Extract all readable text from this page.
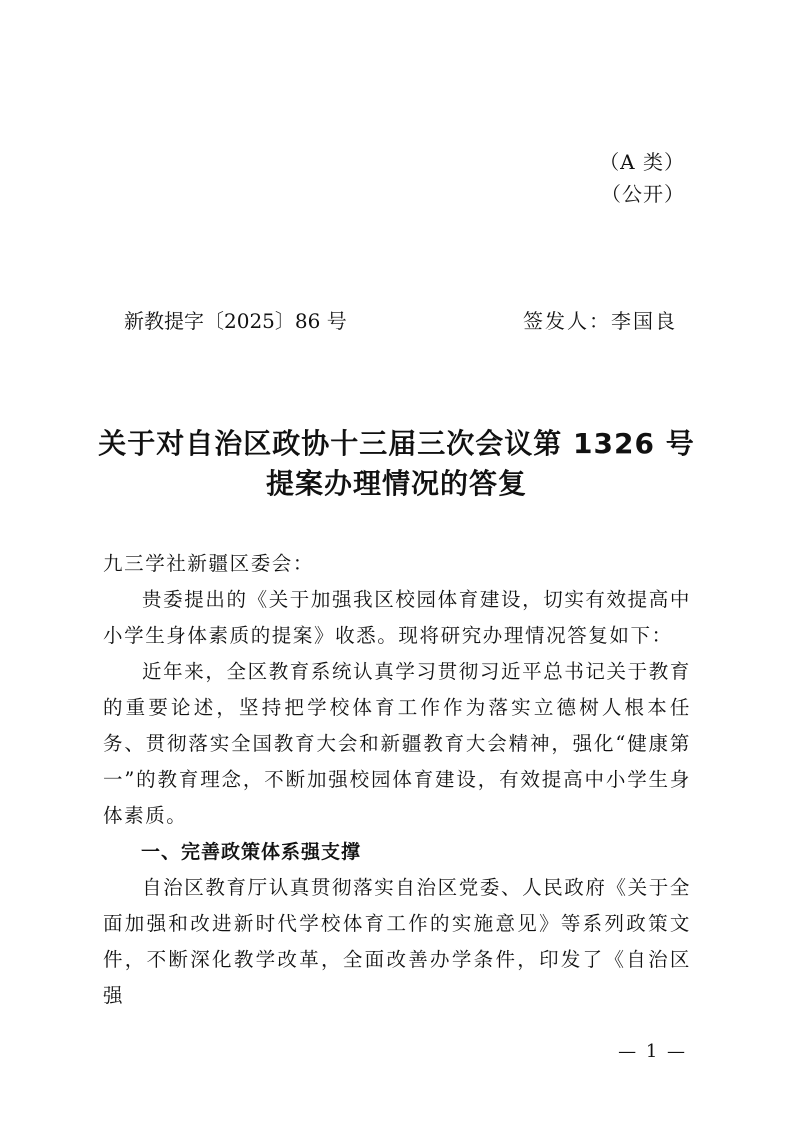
（A 类）
（公开）
新教提字〔2025〕86 号	签发人：李国良
关于对自治区政协十三届三次会议第 1326 号
提案办理情况的答复

九三学社新疆区委会：

贵委提出的《关于加强我区校园体育建设，切实有效提高中小学生身体素质的提案》收悉。现将研究办理情况答复如下：

近年来，全区教育系统认真学习贯彻习近平总书记关于教育的重要论述，坚持把学校体育工作作为落实立德树人根本任务、贯彻落实全国教育大会和新疆教育大会精神，强化“健康第一”的教育理念，不断加强校园体育建设，有效提高中小学生身体素质。

一、完善政策体系强支撑

自治区教育厅认真贯彻落实自治区党委、人民政府《关于全面加强和改进新时代学校体育工作的实施意见》等系列政策文件，不断深化教学改革，全面改善办学条件，印发了《自治区强

— 1 —
